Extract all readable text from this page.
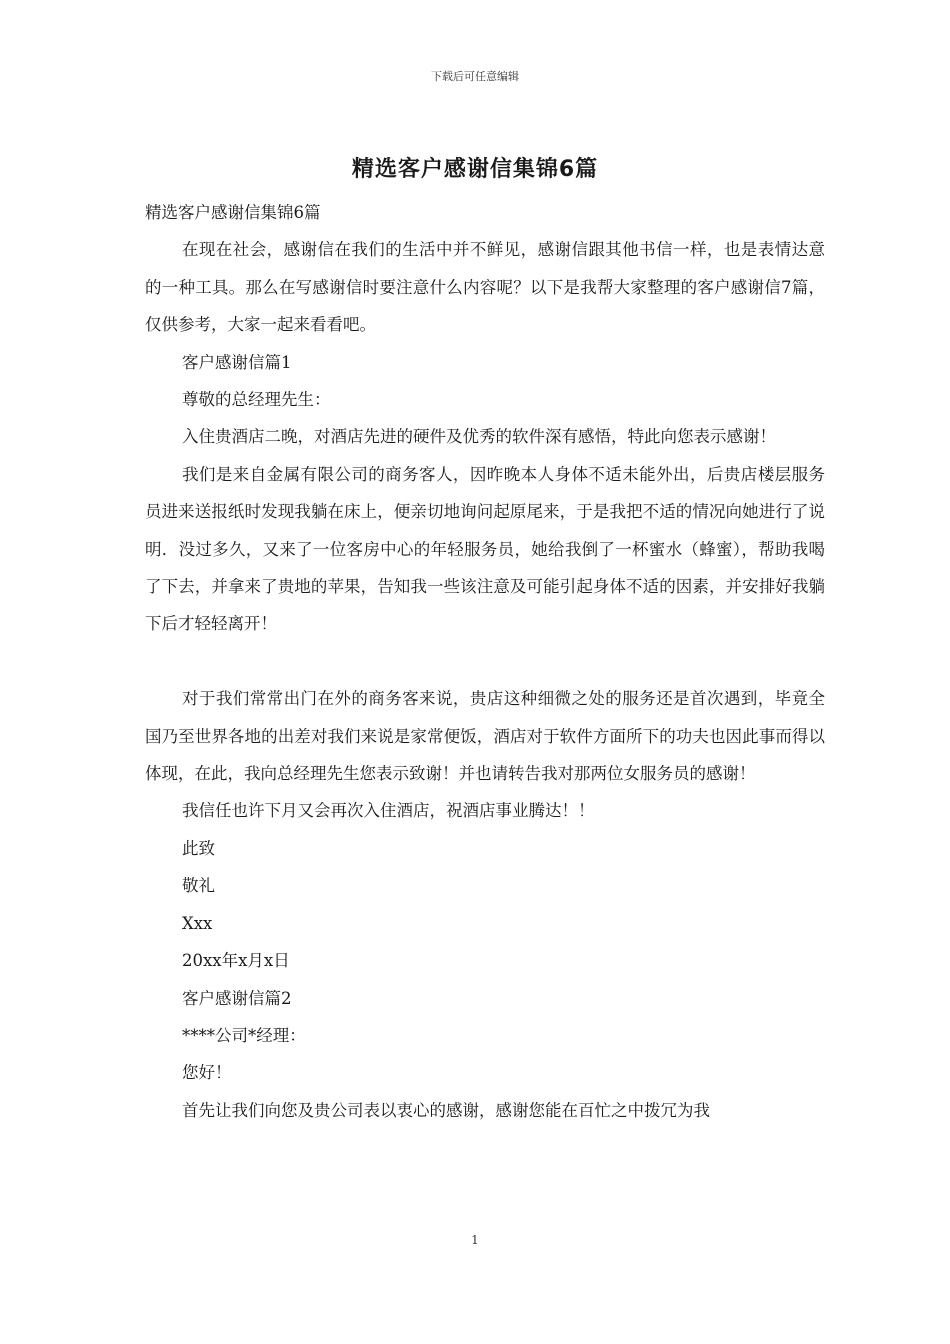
下载后可任意编辑
精选客户感谢信集锦6篇

精选客户感谢信集锦6篇

在现在社会，感谢信在我们的生活中并不鲜见，感谢信跟其他书信一样，也是表情达意的一种工具。那么在写感谢信时要注意什么内容呢？以下是我帮大家整理的客户感谢信7篇，仅供参考，大家一起来看看吧。

客户感谢信篇1

尊敬的总经理先生：

入住贵酒店二晚，对酒店先进的硬件及优秀的软件深有感悟，特此向您表示感谢！

我们是来自金属有限公司的商务客人，因昨晚本人身体不适未能外出，后贵店楼层服务员进来送报纸时发现我躺在床上，便亲切地询问起原尾来，于是我把不适的情况向她进行了说明．没过多久，又来了一位客房中心的年轻服务员，她给我倒了一杯蜜水（蜂蜜），帮助我喝了下去，并拿来了贵地的苹果，告知我一些该注意及可能引起身体不适的因素，并安排好我躺下后才轻轻离开！

对于我们常常出门在外的商务客来说，贵店这种细微之处的服务还是首次遇到，毕竟全国乃至世界各地的出差对我们来说是家常便饭，酒店对于软件方面所下的功夫也因此事而得以体现，在此，我向总经理先生您表示致谢！并也请转告我对那两位女服务员的感谢！

我信任也许下月又会再次入住酒店，祝酒店事业腾达！！

此致

敬礼

Xxx

20xx年x月x日

客户感谢信篇2

****公司*经理：

您好！

首先让我们向您及贵公司表以衷心的感谢，感谢您能在百忙之中拨冗为我

1
